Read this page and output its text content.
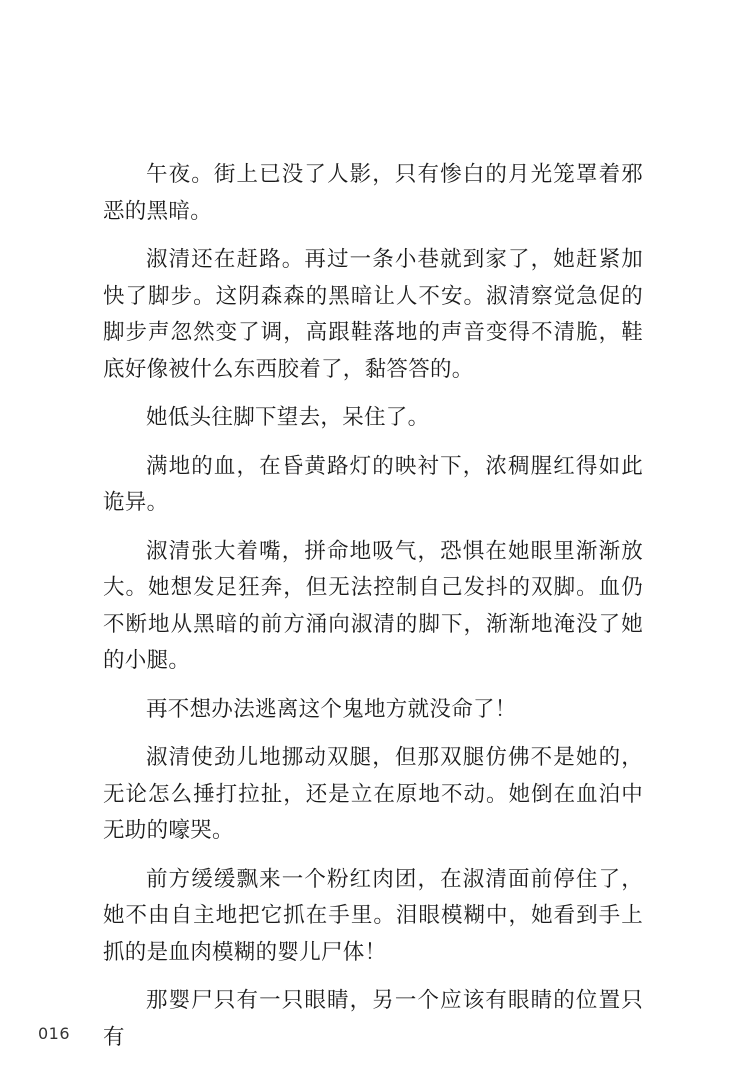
午夜。街上已没了人影，只有惨白的月光笼罩着邪恶的黑暗。

淑清还在赶路。再过一条小巷就到家了，她赶紧加快了脚步。这阴森森的黑暗让人不安。淑清察觉急促的脚步声忽然变了调，高跟鞋落地的声音变得不清脆，鞋底好像被什么东西胶着了，黏答答的。

她低头往脚下望去，呆住了。

满地的血，在昏黄路灯的映衬下，浓稠腥红得如此诡异。

淑清张大着嘴，拼命地吸气，恐惧在她眼里渐渐放大。她想发足狂奔，但无法控制自己发抖的双脚。血仍不断地从黑暗的前方涌向淑清的脚下，渐渐地淹没了她的小腿。

再不想办法逃离这个鬼地方就没命了！

淑清使劲儿地挪动双腿，但那双腿仿佛不是她的，无论怎么捶打拉扯，还是立在原地不动。她倒在血泊中无助的嚎哭。

前方缓缓飘来一个粉红肉团，在淑清面前停住了，她不由自主地把它抓在手里。泪眼模糊中，她看到手上抓的是血肉模糊的婴儿尸体！

那婴尸只有一只眼睛，另一个应该有眼睛的位置只有

016
